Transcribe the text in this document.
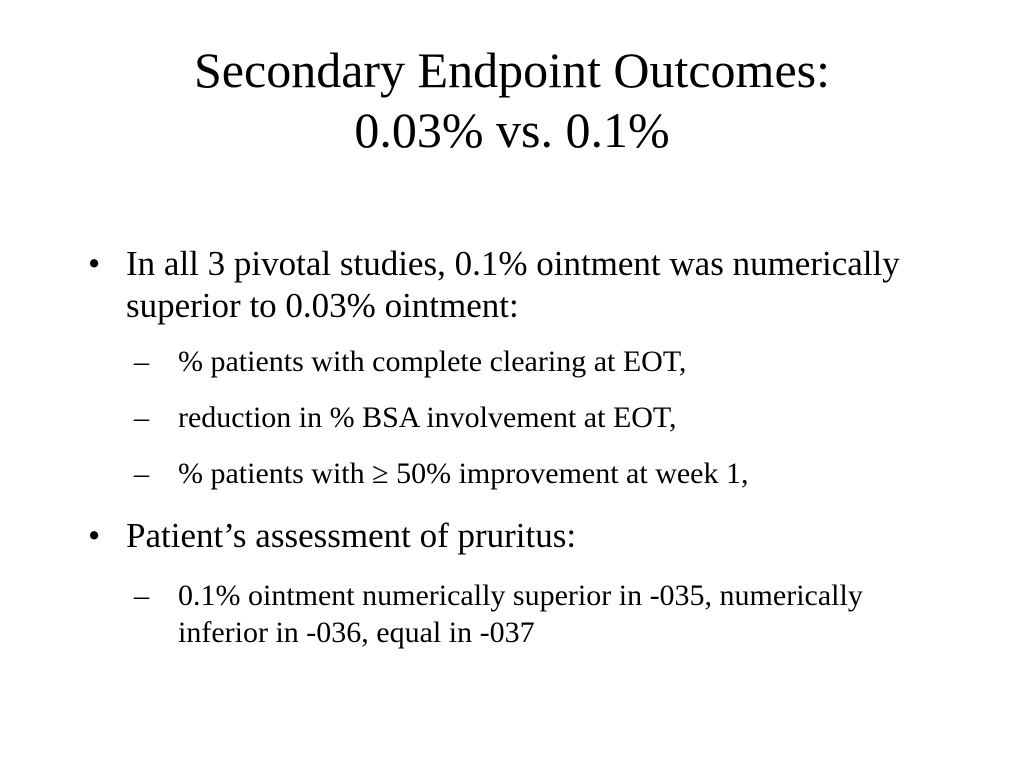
Secondary Endpoint Outcomes:
0.03% vs. 0.1%

• In all 3 pivotal studies, 0.1% ointment was numerically superior to 0.03% ointment:

– % patients with complete clearing at EOT,
– reduction in % BSA involvement at EOT,
– % patients with ≥ 50% improvement at week 1,

• Patient’s assessment of pruritus:

– 0.1% ointment numerically superior in -035, numerically inferior in -036, equal in -037
